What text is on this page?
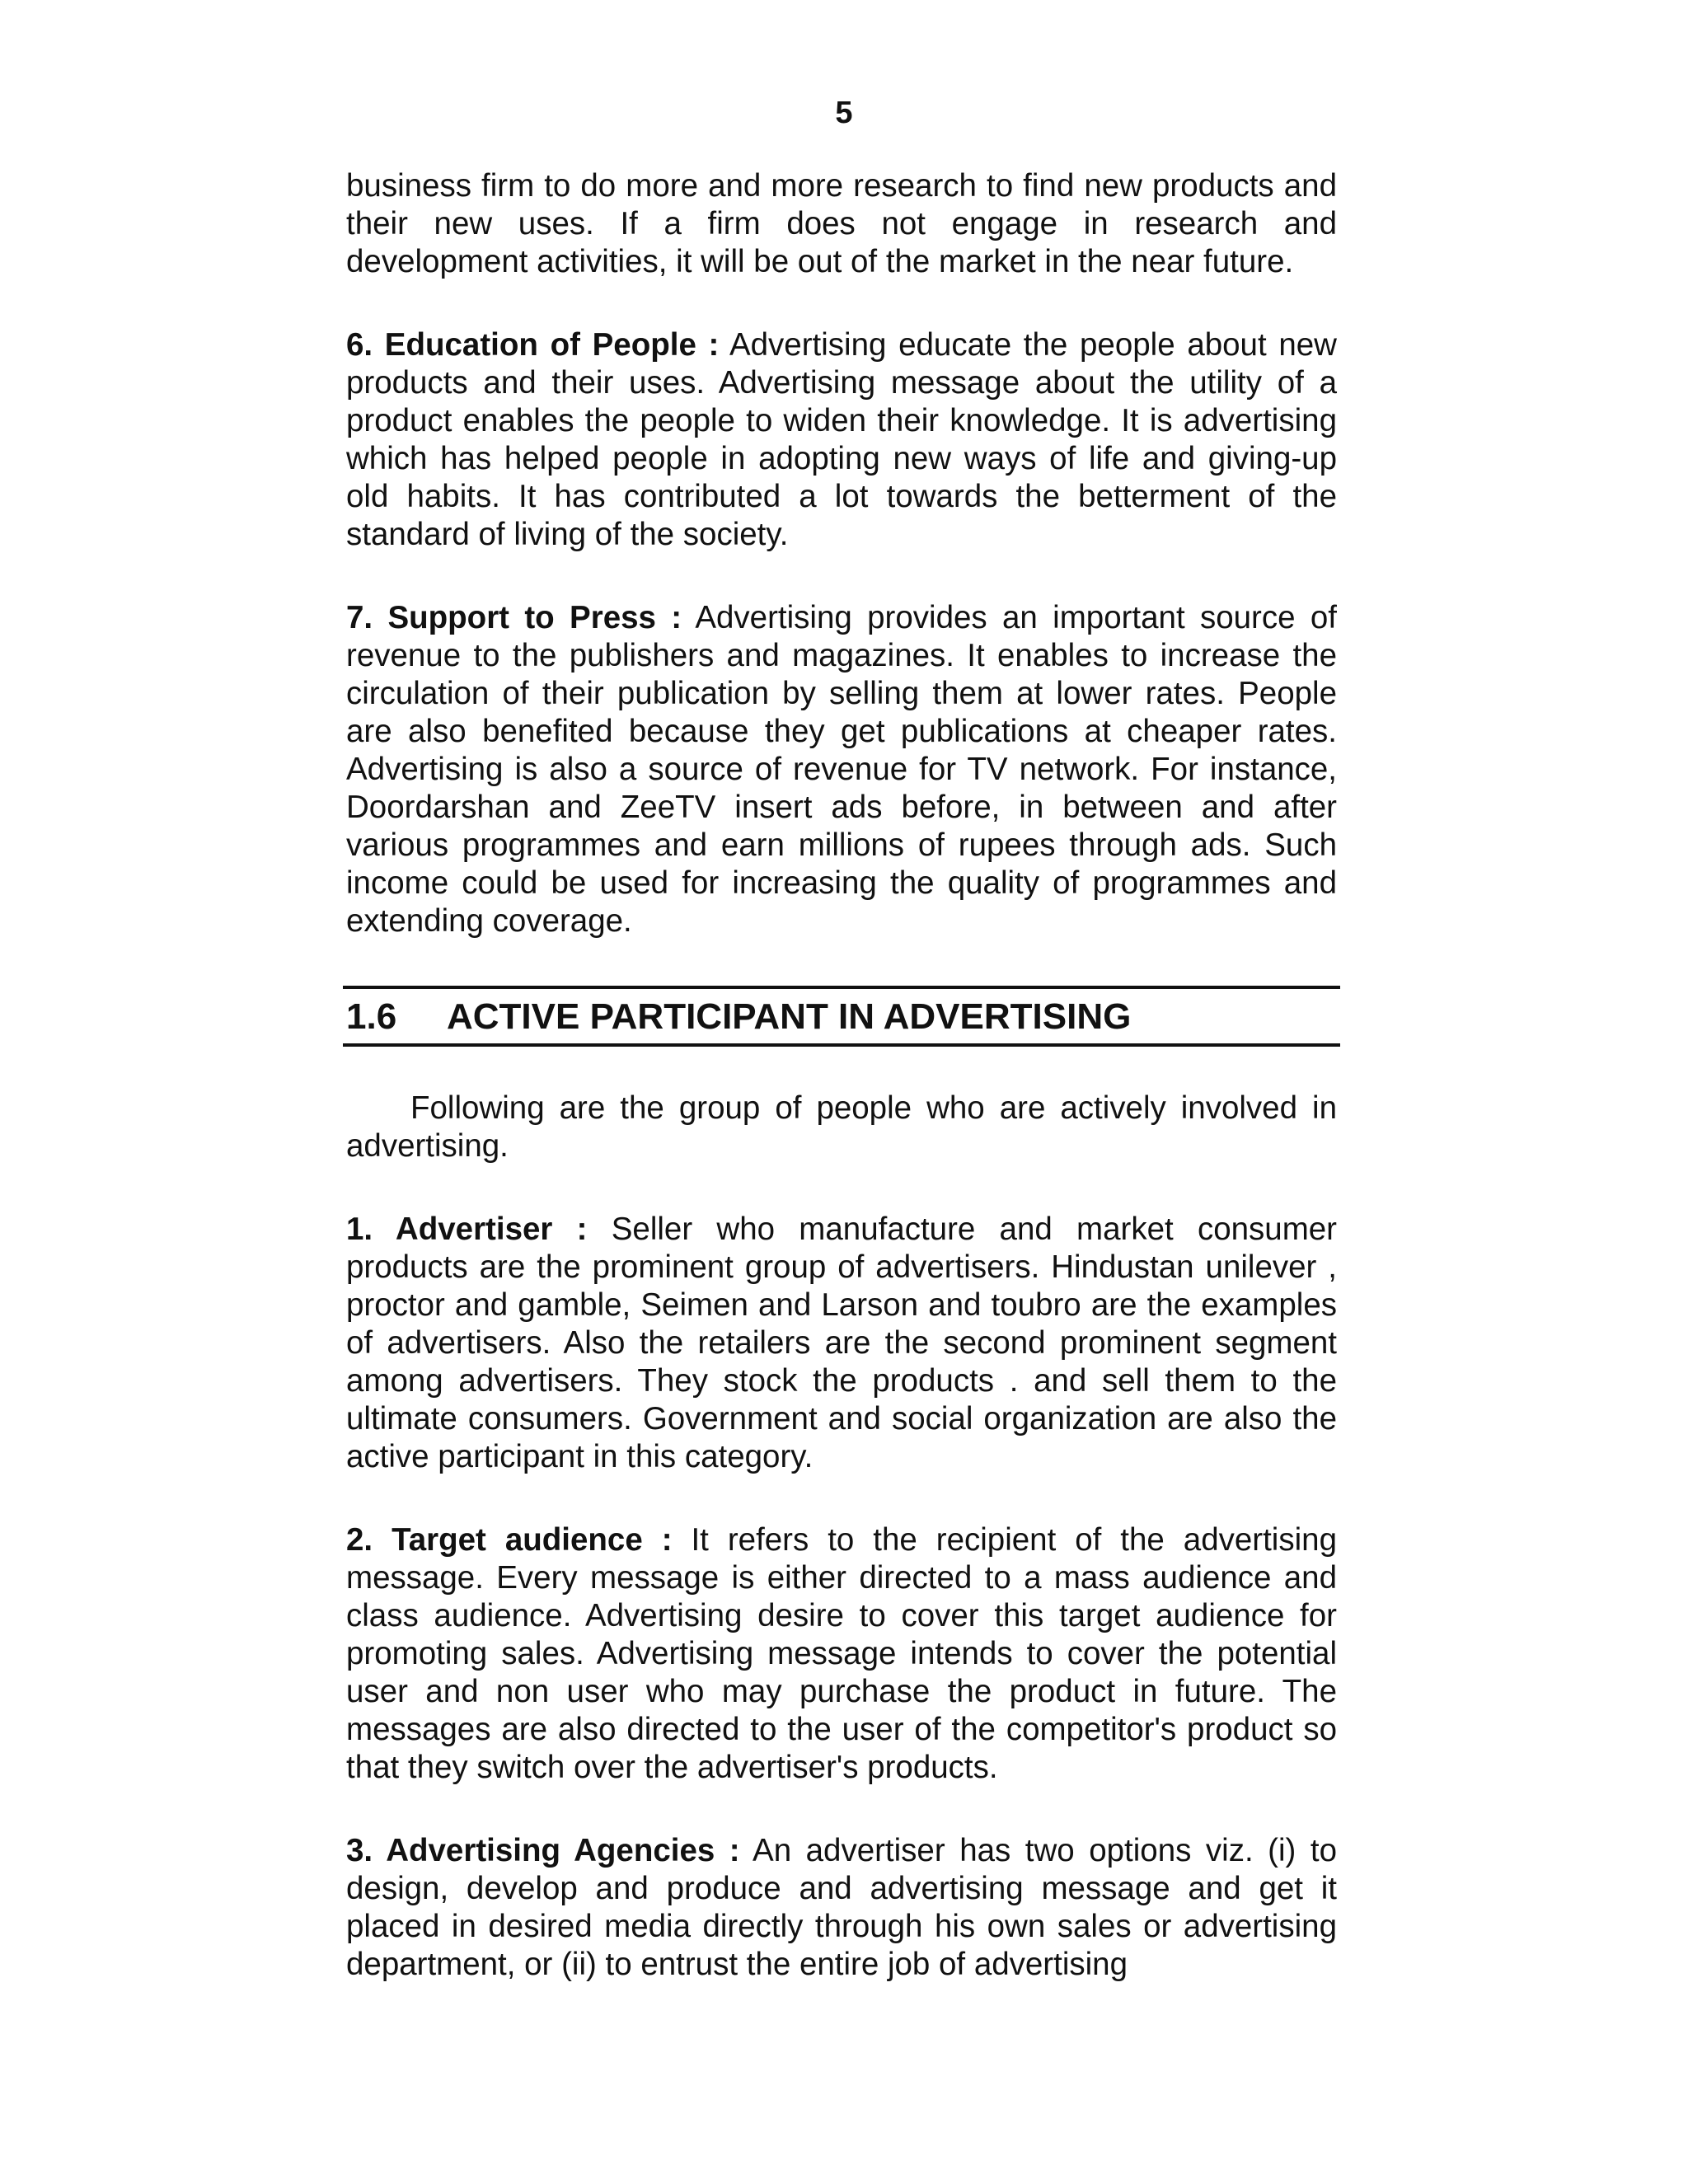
5

business firm to do more and more research to find new products and their new uses. If a firm does not engage in research and development activities, it will be out of the market in the near future.

6. Education of People : Advertising educate the people about new products and their uses. Advertising message about the utility of a product enables the people to widen their knowledge. It is advertising which has helped people in adopting new ways of life and giving-up old habits. It has contributed a lot towards the betterment of the standard of living of the society.

7. Support to Press : Advertising provides an important source of revenue to the publishers and magazines. It enables to increase the circulation of their publication by selling them at lower rates. People are also benefited because they get publications at cheaper rates. Advertising is also a source of revenue for TV network. For instance, Doordarshan and ZeeTV insert ads before, in between and after various programmes and earn millions of rupees through ads. Such income could be used for increasing the quality of programmes and extending coverage.

1.6 ACTIVE PARTICIPANT IN ADVERTISING

Following are the group of people who are actively involved in advertising.

1. Advertiser : Seller who manufacture and market consumer products are the prominent group of advertisers. Hindustan unilever , proctor and gamble, Seimen and Larson and toubro are the examples of advertisers. Also the retailers are the second prominent segment among advertisers. They stock the products . and sell them to the ultimate consumers. Government and social organization are also the active participant in this category.

2. Target audience : It refers to the recipient of the advertising message. Every message is either directed to a mass audience and class audience. Advertising desire to cover this target audience for promoting sales. Advertising message intends to cover the potential user and non user who may purchase the product in future. The messages are also directed to the user of the competitor's product so that they switch over the advertiser's products.

3. Advertising Agencies : An advertiser has two options viz. (i) to design, develop and produce and advertising message and get it placed in desired media directly through his own sales or advertising department, or (ii) to entrust the entire job of advertising
